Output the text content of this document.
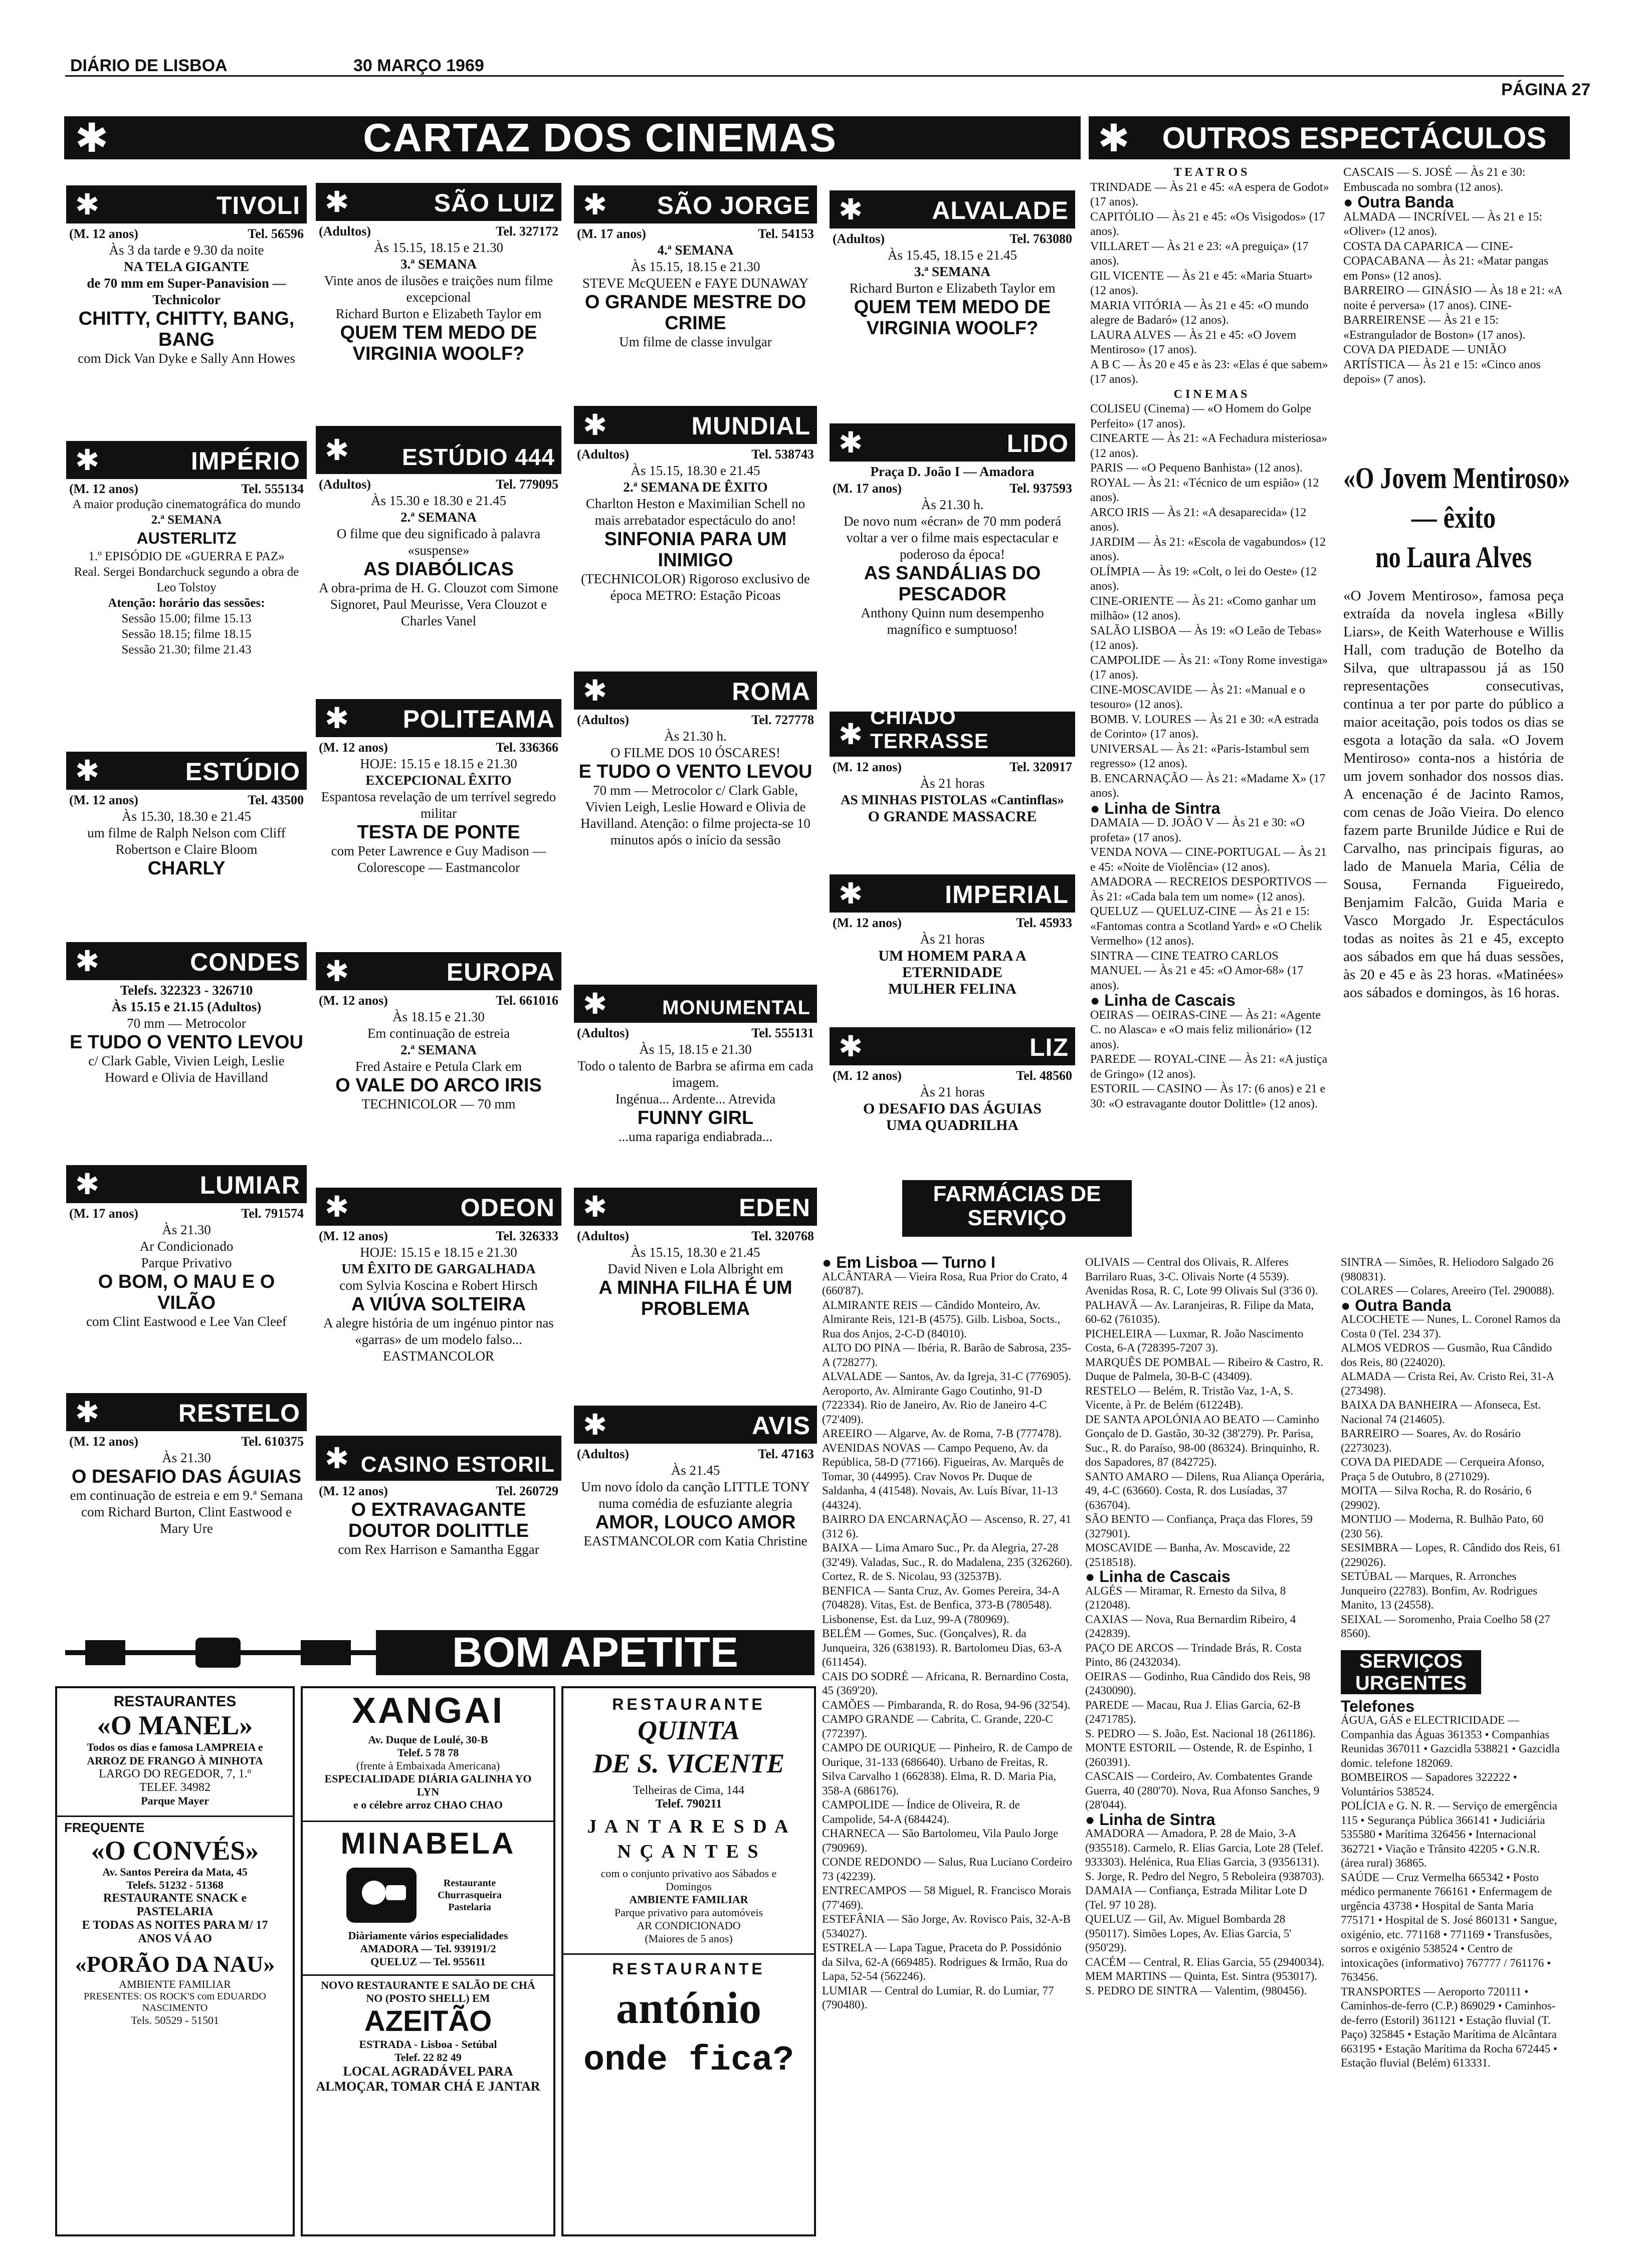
DIÁRIO DE LISBOA	30 MARÇO 1969
PÁGINA 27
✱	CARTAZ DOS CINEMAS	✱	OUTROS ESPECTÁCULOS
✱	TIVOLI
(M. 12 anos)	Tel. 56596
Às 3 da tarde e 9.30 da noite
NA TELA GIGANTE
de 70 mm em Super-Panavision — Technicolor
CHITTY, CHITTY, BANG, BANG
com Dick Van Dyke e Sally Ann Howes
✱	IMPÉRIO
(M. 12 anos)	Tel. 555134
A maior produção cinematográfica do mundo
2.ª SEMANA
AUSTERLITZ
1.º EPISÓDIO DE «GUERRA E PAZ»
Real. Sergei Bondarchuck segundo a obra de Leo Tolstoy
Atenção: horário das sessões:
Sessão 15.00; filme 15.13
Sessão 18.15; filme 18.15
Sessão 21.30; filme 21.43
✱	ESTÚDIO
(M. 12 anos)	Tel. 43500
Às 15.30, 18.30 e 21.45
um filme de Ralph Nelson com Cliff Robertson e Claire Bloom
CHARLY
✱	CONDES
Telefs. 322323 - 326710
Às 15.15 e 21.15 (Adultos)
70 mm — Metrocolor
E TUDO O VENTO LEVOU
c/ Clark Gable, Vivien Leigh, Leslie Howard e Olivia de Havilland
✱	LUMIAR
(M. 17 anos)	Tel. 791574
Às 21.30
Ar Condicionado
Parque Privativo
O BOM, O MAU E O VILÃO
com Clint Eastwood e Lee Van Cleef
✱	RESTELO
(M. 12 anos)	Tel. 610375
Às 21.30
O DESAFIO DAS ÁGUIAS
em continuação de estreia e em 9.ª Semana com Richard Burton, Clint Eastwood e Mary Ure
✱	SÃO LUIZ
(Adultos)	Tel. 327172
Às 15.15, 18.15 e 21.30
3.ª SEMANA
Vinte anos de ilusões e traições num filme excepcional
Richard Burton e Elizabeth Taylor em
QUEM TEM MEDO DE VIRGINIA WOOLF?
✱	ESTÚDIO 444
(Adultos)	Tel. 779095
Às 15.30 e 18.30 e 21.45
2.ª SEMANA
O filme que deu significado à palavra «suspense»
AS DIABÓLICAS
A obra-prima de H. G. Clouzot com Simone Signoret, Paul Meurisse, Vera Clouzot e Charles Vanel
✱	POLITEAMA
(M. 12 anos)	Tel. 336366
HOJE: 15.15 e 18.15 e 21.30
EXCEPCIONAL ÊXITO
Espantosa revelação de um terrível segredo militar
TESTA DE PONTE
com Peter Lawrence e Guy Madison — Colorescope — Eastmancolor
✱	EUROPA
(M. 12 anos)	Tel. 661016
Às 18.15 e 21.30
Em continuação de estreia
2.ª SEMANA
Fred Astaire e Petula Clark em
O VALE DO ARCO IRIS
TECHNICOLOR — 70 mm
✱	ODEON
(M. 12 anos)	Tel. 326333
HOJE: 15.15 e 18.15 e 21.30
UM ÊXITO DE GARGALHADA
com Sylvia Koscina e Robert Hirsch
A VIÚVA SOLTEIRA
A alegre história de um ingénuo pintor nas «garras» de um modelo falso... EASTMANCOLOR
✱ CASINO ESTORIL
(M. 12 anos)	Tel. 260729
O EXTRAVAGANTE DOUTOR DOLITTLE
com Rex Harrison e Samantha Eggar
✱	SÃO JORGE
(M. 17 anos)	Tel. 54153
4.ª SEMANA
Às 15.15, 18.15 e 21.30
STEVE McQUEEN e FAYE DUNAWAY
O GRANDE MESTRE DO CRIME
Um filme de classe invulgar
✱	MUNDIAL
(Adultos)	Tel. 538743
Às 15.15, 18.30 e 21.45
2.ª SEMANA DE ÊXITO
Charlton Heston e Maximilian Schell no mais arrebatador espectáculo do ano!
SINFONIA PARA UM INIMIGO
(TECHNICOLOR) Rigoroso exclusivo de época METRO: Estação Picoas
✱	ROMA
(Adultos)	Tel. 727778
Às 21.30 h.
O FILME DOS 10 ÓSCARES!
E TUDO O VENTO LEVOU
70 mm — Metrocolor c/ Clark Gable, Vivien Leigh, Leslie Howard e Olivia de Havilland. Atenção: o filme projecta-se 10 minutos após o início da sessão
✱	MONUMENTAL
(Adultos)	Tel. 555131
Às 15, 18.15 e 21.30
Todo o talento de Barbra se afirma em cada imagem.
Ingénua... Ardente... Atrevida
FUNNY GIRL
...uma rapariga endiabrada...
✱	EDEN
(Adultos)	Tel. 320768
Às 15.15, 18.30 e 21.45
David Niven e Lola Albright em
A MINHA FILHA É UM PROBLEMA
✱	AVIS
(Adultos)	Tel. 47163
Às 21.45
Um novo ídolo da canção LITTLE TONY numa comédia de esfuziante alegria
AMOR, LOUCO AMOR
EASTMANCOLOR com Katia Christine
✱	ALVALADE
(Adultos)	Tel. 763080
Às 15.45, 18.15 e 21.45
3.ª SEMANA
Richard Burton e Elizabeth Taylor em
QUEM TEM MEDO DE VIRGINIA WOOLF?
✱	LIDO
Praça D. João I — Amadora
(M. 17 anos)	Tel. 937593
Às 21.30 h.
De novo num «écran» de 70 mm poderá voltar a ver o filme mais espectacular e poderoso da época!
AS SANDÁLIAS DO PESCADOR
Anthony Quinn num desempenho magnífico e sumptuoso!
✱
CHIADO TERRASSE
(M. 12 anos)	Tel. 320917
Às 21 horas
AS MINHAS PISTOLAS «Cantinflas»
O GRANDE MASSACRE
✱	IMPERIAL
(M. 12 anos)	Tel. 45933
Às 21 horas
UM HOMEM PARA A ETERNIDADE
MULHER FELINA
✱	LIZ
(M. 12 anos)	Tel. 48560
Às 21 horas
O DESAFIO DAS ÁGUIAS
UMA QUADRILHA
T E A T R O S

TRINDADE — Às 21 e 45: «A espera de Godot» (17 anos).

CAPITÓLIO — Às 21 e 45: «Os Visigodos» (17 anos).

VILLARET — Às 21 e 23: «A preguiça» (17 anos).

GIL VICENTE — Às 21 e 45: «Maria Stuart» (12 anos).

MARIA VITÓRIA — Às 21 e 45: «O mundo alegre de Badaró» (12 anos).

LAURA ALVES — Às 21 e 45: «O Jovem Mentiroso» (17 anos).

A B C — Às 20 e 45 e às 23: «Elas é que sabem» (17 anos).

C I N E M A S

COLISEU (Cinema) — «O Homem do Golpe Perfeito» (17 anos).

CINEARTE — Às 21: «A Fechadura misteriosa» (12 anos).

PARIS — «O Pequeno Banhista» (12 anos).

ROYAL — Às 21: «Técnico de um espião» (12 anos).

ARCO IRIS — Às 21: «A desaparecida» (12 anos).

JARDIM — Às 21: «Escola de vagabundos» (12 anos).

OLÍMPIA — Às 19: «Colt, o lei do Oeste» (12 anos).

CINE-ORIENTE — Às 21: «Como ganhar um milhão» (12 anos).

SALÃO LISBOA — Às 19: «O Leão de Tebas» (12 anos).

CAMPOLIDE — Às 21: «Tony Rome investiga» (17 anos).

CINE-MOSCAVIDE — Às 21: «Manual e o tesouro» (12 anos).

BOMB. V. LOURES — Às 21 e 30: «A estrada de Corinto» (17 anos).

UNIVERSAL — Às 21: «Paris-Istambul sem regresso» (12 anos).

B. ENCARNAÇÃO — Às 21: «Madame X» (17 anos).

● Linha de Sintra

DAMAIA — D. JOÃO V — Às 21 e 30: «O profeta» (17 anos).

VENDA NOVA — CINE-PORTUGAL — Às 21 e 45: «Noite de Violência» (12 anos).

AMADORA — RECREIOS DESPORTIVOS — Às 21: «Cada bala tem um nome» (12 anos).

QUELUZ — QUELUZ-CINE — Às 21 e 15: «Fantomas contra a Scotland Yard» e «O Chelik Vermelho» (12 anos).

SINTRA — CINE TEATRO CARLOS MANUEL — Às 21 e 45: «O Amor-68» (17 anos).

● Linha de Cascais

OEIRAS — OEIRAS-CINE — Às 21: «Agente C. no Alasca» e «O mais feliz milionário» (12 anos).

PAREDE — ROYAL-CINE — Às 21: «A justiça de Gringo» (12 anos).

ESTORIL — CASINO — Às 17: (6 anos) e 21 e 30: «O estravagante doutor Dolittle» (12 anos).

CASCAIS — S. JOSÉ — Às 21 e 30: Embuscada no sombra (12 anos).

● Outra Banda

ALMADA — INCRÍVEL — Às 21 e 15: «Oliver» (12 anos).

COSTA DA CAPARICA — CINE-COPACABANA — Às 21: «Matar pangas em Pons» (12 anos).

BARREIRO — GINÁSIO — Às 18 e 21: «A noite é perversa» (17 anos). CINE-BARREIRENSE — Às 21 e 15: «Estrangulador de Boston» (17 anos).

COVA DA PIEDADE — UNIÃO ARTÍSTICA — Às 21 e 15: «Cinco anos depois» (7 anos).

«O Jovem Mentiroso»
— êxito
no Laura Alves
«O Jovem Mentiroso», famosa peça extraída da novela inglesa «Billy Liars», de Keith Waterhouse e Willis Hall, com tradução de Botelho da Silva, que ultrapassou já as 150 representações consecutivas, continua a ter por parte do público a maior aceitação, pois todos os dias se esgota a lotação da sala. «O Jovem Mentiroso» conta-nos a história de um jovem sonhador dos nossos dias. A encenação é de Jacinto Ramos, com cenas de João Vieira. Do elenco fazem parte Brunilde Júdice e Rui de Carvalho, nas principais figuras, ao lado de Manuela Maria, Célia de Sousa, Fernanda Figueiredo, Benjamim Falcão, Guida Maria e Vasco Morgado Jr. Espectáculos todas as noites às 21 e 45, excepto aos sábados em que há duas sessões, às 20 e 45 e às 23 horas. «Matinées» aos sábados e domingos, às 16 horas.
FARMÁCIAS DE SERVIÇO
● Em Lisboa — Turno I

ALCÂNTARA — Vieira Rosa, Rua Prior do Crato, 4 (660'87).

ALMIRANTE REIS — Cândido Monteiro, Av. Almirante Reis, 121-B (4575). Gilb. Lisboa, Socts., Rua dos Anjos, 2-C-D (84010).

ALTO DO PINA — Ibéria, R. Barão de Sabrosa, 235-A (728277).

ALVALADE — Santos, Av. da Igreja, 31-C (776905). Aeroporto, Av. Almirante Gago Coutinho, 91-D (722334). Rio de Janeiro, Av. Rio de Janeiro 4-C (72'409).

AREEIRO — Algarve, Av. de Roma, 7-B (777478).

AVENIDAS NOVAS — Campo Pequeno, Av. da República, 58-D (77166). Figueiras, Av. Marquês de Tomar, 30 (44995). Crav Novos Pr. Duque de Saldanha, 4 (41548). Novais, Av. Luís Bívar, 11-13 (44324).

BAIRRO DA ENCARNAÇÃO — Ascenso, R. 27, 41 (312 6).

BAIXA — Lima Amaro Suc., Pr. da Alegria, 27-28 (32'49). Valadas, Suc., R. do Madalena, 235 (326260). Cortez, R. de S. Nicolau, 93 (32537B).

BENFICA — Santa Cruz, Av. Gomes Pereira, 34-A (704828). Vitas, Est. de Benfica, 373-B (780548). Lisbonense, Est. da Luz, 99-A (780969).

BELÉM — Gomes, Suc. (Gonçalves), R. da Junqueira, 326 (638193). R. Bartolomeu Dias, 63-A (611454).

CAIS DO SODRÉ — Africana, R. Bernardino Costa, 45 (369'20).

CAMÕES — Pimbaranda, R. do Rosa, 94-96 (32'54).

CAMPO GRANDE — Cabrita, C. Grande, 220-C (772397).

CAMPO DE OURIQUE — Pinheiro, R. de Campo de Ourique, 31-133 (686640). Urbano de Freitas, R. Silva Carvalho 1 (662838). Elma, R. D. Maria Pia, 358-A (686176).

CAMPOLIDE — Índice de Oliveira, R. de Campolide, 54-A (684424).

CHARNECA — São Bartolomeu, Vila Paulo Jorge (790969).

CONDE REDONDO — Salus, Rua Luciano Cordeiro 73 (42239).

ENTRECAMPOS — 58 Miguel, R. Francisco Morais (77'469).

ESTEFÂNIA — São Jorge, Av. Rovisco Pais, 32-A-B (534027).

ESTRELA — Lapa Tague, Praceta do P. Possidónio da Silva, 62-A (669485). Rodrigues & Irmão, Rua do Lapa, 52-54 (562246).

LUMIAR — Central do Lumiar, R. do Lumiar, 77 (790480).

OLIVAIS — Central dos Olivais, R. Alferes Barrilaro Ruas, 3-C. Olivais Norte (4 5539). Avenidas Rosa, R. C, Lote 99 Olivais Sul (3'36 0).

PALHAVÃ — Av. Laranjeiras, R. Filipe da Mata, 60-62 (761035).

PICHELEIRA — Luxmar, R. João Nascimento Costa, 6-A (728395-7207 3).

MARQUÊS DE POMBAL — Ribeiro & Castro, R. Duque de Palmela, 30-B-C (43409).

RESTELO — Belém, R. Tristão Vaz, 1-A, S. Vicente, à Pr. de Belém (61224B).

DE SANTA APOLÓNIA AO BEATO — Caminho Gonçalo de D. Gastão, 30-32 (38'279). Pr. Parisa, Suc., R. do Paraíso, 98-00 (86324). Brinquinho, R. dos Sapadores, 87 (842725).

SANTO AMARO — Dilens, Rua Aliança Operária, 49, 4-C (63660). Costa, R. dos Lusíadas, 37 (636704).

SÃO BENTO — Confiança, Praça das Flores, 59 (327901).

MOSCAVIDE — Banha, Av. Moscavide, 22 (2518518).

● Linha de Cascais

ALGÉS — Miramar, R. Ernesto da Silva, 8 (212048).

CAXIAS — Nova, Rua Bernardim Ribeiro, 4 (242839).

PAÇO DE ARCOS — Trindade Brás, R. Costa Pinto, 86 (2432034).

OEIRAS — Godinho, Rua Cândido dos Reis, 98 (2430090).

PAREDE — Macau, Rua J. Elias Garcia, 62-B (2471785).

S. PEDRO — S. João, Est. Nacional 18 (261186).

MONTE ESTORIL — Ostende, R. de Espinho, 1 (260391).

CASCAIS — Cordeiro, Av. Combatentes Grande Guerra, 40 (280'70). Nova, Rua Afonso Sanches, 9 (28'044).

● Linha de Sintra

AMADORA — Amadora, P. 28 de Maio, 3-A (935518). Carmelo, R. Elias Garcia, Lote 28 (Telef. 933303). Helénica, Rua Elias Garcia, 3 (9356131). S. Jorge, R. Pedro del Negro, 5 Reboleira (938703).

DAMAIA — Confiança, Estrada Militar Lote D (Tel. 97 10 28).

QUELUZ — Gil, Av. Miguel Bombarda 28 (950117). Simões Lopes, Av. Elias Garcia, 5' (950'29).

CACÉM — Central, R. Elias Garcia, 55 (2940034).

MEM MARTINS — Quinta, Est. Sintra (953017).

S. PEDRO DE SINTRA — Valentim, (980456).

SINTRA — Simões, R. Heliodoro Salgado 26 (980831).

COLARES — Colares, Areeiro (Tel. 290088).

● Outra Banda

ALCOCHETE — Nunes, L. Coronel Ramos da Costa 0 (Tel. 234 37).

ALMOS VEDROS — Gusmão, Rua Cândido dos Reis, 80 (224020).

ALMADA — Crista Rei, Av. Cristo Rei, 31-A (273498).

BAIXA DA BANHEIRA — Afonseca, Est. Nacional 74 (214605).

BARREIRO — Soares, Av. do Rosário (2273023).

COVA DA PIEDADE — Cerqueira Afonso, Praça 5 de Outubro, 8 (271029).

MOITA — Silva Rocha, R. do Rosário, 6 (29902).

MONTIJO — Moderna, R. Bulhão Pato, 60 (230 56).

SESIMBRA — Lopes, R. Cândido dos Reis, 61 (229026).

SETÚBAL — Marques, R. Arronches Junqueiro (22783). Bonfim, Av. Rodrigues Manito, 13 (24558).

SEIXAL — Soromenho, Praia Coelho 58 (27 8560).

SERVIÇOS URGENTES
Telefones

ÁGUA, GÁS e ELECTRICIDADE — Companhia das Águas 361353 • Companhias Reunidas 367011 • Gazcidla 538821 • Gazcidla domic. telefone 182069.

BOMBEIROS — Sapadores 322222 • Voluntários 538524.

POLÍCIA e G. N. R. — Serviço de emergência 115 • Segurança Pública 366141 • Judiciária 535580 • Marítima 326456 • Internacional 362721 • Viação e Trânsito 42205 • G.N.R. (área rural) 36865.

SAÚDE — Cruz Vermelha 665342 • Posto médico permanente 766161 • Enfermagem de urgência 43738 • Hospital de Santa Maria 775171 • Hospital de S. José 860131 • Sangue, oxigénio, etc. 771168 • 771169 • Transfusões, sorros e oxigénio 538524 • Centro de intoxicações (informativo) 767777 / 761176 • 763456.

TRANSPORTES — Aeroporto 720111 • Caminhos-de-ferro (C.P.) 869029 • Caminhos-de-ferro (Estoril) 361121 • Estação fluvial (T. Paço) 325845 • Estação Marítima de Alcântara 663195 • Estação Marítima da Rocha 672445 • Estação fluvial (Belém) 613331.

BOM APETITE
RESTAURANTES
«O MANEL»
Todos os dias e famosa LAMPREIA e ARROZ DE FRANGO À MINHOTA
LARGO DO REGEDOR, 7, 1.º
TELEF. 34982
Parque Mayer
FREQUENTE
«O CONVÉS»
Av. Santos Pereira da Mata, 45
Telefs. 51232 - 51368
RESTAURANTE SNACK e PASTELARIA
E TODAS AS NOITES PARA M/ 17 ANOS VÁ AO
«PORÃO DA NAU»
AMBIENTE FAMILIAR
PRESENTES: OS ROCK'S com EDUARDO NASCIMENTO
Tels. 50529 - 51501
XANGAI
Av. Duque de Loulé, 30-B
Telef. 5 78 78
(frente à Embaixada Americana)
ESPECIALIDADE DIÁRIA GALINHA YO LYN
e o célebre arroz CHAO CHAO
MINABELA
Restaurante Churrasqueira Pastelaria
Diàriamente vários especialidades
AMADORA — Tel. 939191/2
QUELUZ — Tel. 955611
NOVO RESTAURANTE E SALÃO DE CHÁ NO (POSTO SHELL) EM
AZEITÃO
ESTRADA - Lisboa - Setúbal
Telef. 22 82 49
LOCAL AGRADÁVEL PARA ALMOÇAR, TOMAR CHÁ E JANTAR
RESTAURANTE
QUINTA
DE S. VICENTE
Telheiras de Cima, 144
Telef. 790211
J A N T A R E S D A N Ç A N T E S
com o conjunto privativo aos Sábados e Domingos
AMBIENTE FAMILIAR
Parque privativo para automóveis
AR CONDICIONADO
(Maiores de 5 anos)
RESTAURANTE
antónio
onde fica?
